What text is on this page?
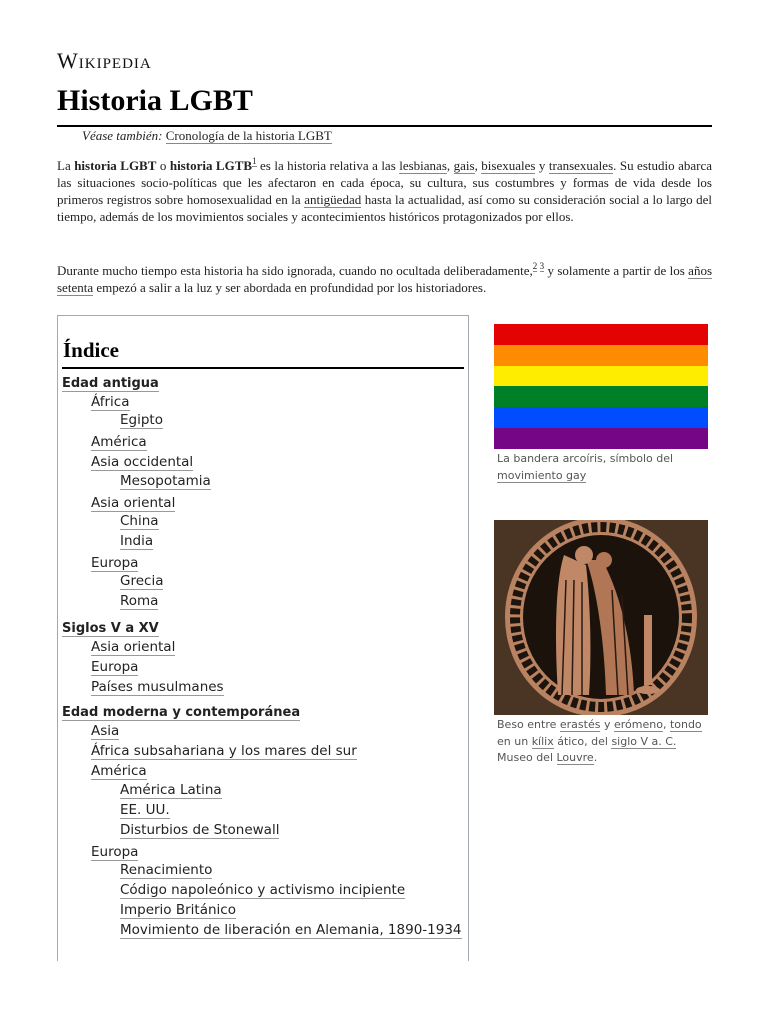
Wikipedia
Historia LGBT
Véase también: Cronología de la historia LGBT

La historia LGBT o historia LGTB$^1$ es la historia relativa a las lesbianas, gais, bisexuales y transexuales. Su estudio abarca las situaciones socio-políticas que les afectaron en cada época, su cultura, sus costumbres y formas de vida desde los primeros registros sobre homosexualidad en la antigüedad hasta la actualidad, así como su consideración social a lo largo del tiempo, además de los movimientos sociales y acontecimientos históricos protagonizados por ellos.

Durante mucho tiempo esta historia ha sido ignorada, cuando no ocultada deliberadamente,$^{2 3}$ y solamente a partir de los años setenta empezó a salir a la luz y ser abordada en profundidad por los historiadores.

Índice
Edad antigua
África
Egipto
América
Asia occidental
Mesopotamia
Asia oriental
China
India
Europa
Grecia
Roma
Siglos V a XV
Asia oriental
Europa
Países musulmanes
Edad moderna y contemporánea
Asia
África subsahariana y los mares del sur
América
América Latina
EE. UU.
Disturbios de Stonewall
Europa
Renacimiento
Código napoleónico y activismo incipiente
Imperio Británico
Movimiento de liberación en Alemania, 1890-1934
La bandera arcoíris, símbolo del movimiento gay
Beso entre erastés y erómeno, tondo en un kílix ático, del siglo V a. C. Museo del Louvre.
